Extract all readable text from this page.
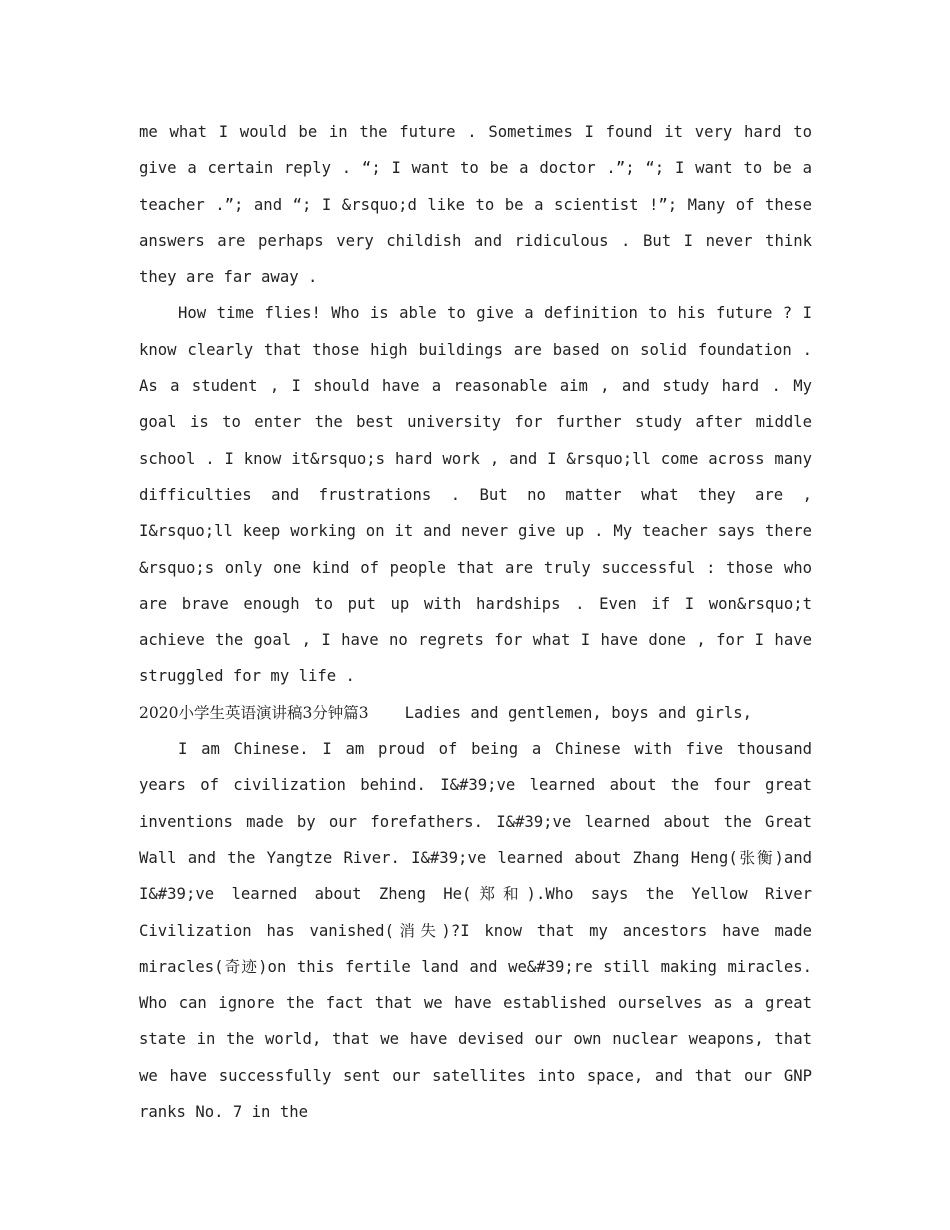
me what I would be in the future . Sometimes I found it very hard to give a certain reply . “; I want to be a doctor .”; “; I want to be a teacher .”; and “; I &rsquo;d like to be a scientist !”; Many of these answers are perhaps very childish and ridiculous . But I never think they are far away .

How time flies! Who is able to give a definition to his future ? I know clearly that those high buildings are based on solid foundation . As a student , I should have a reasonable aim , and study hard . My goal is to enter the best university for further study after middle school . I know it&rsquo;s hard work , and I &rsquo;ll come across many difficulties and frustrations . But no matter what they are , I&rsquo;ll keep working on it and never give up . My teacher says there &rsquo;s only one kind of people that are truly successful : those who are brave enough to put up with hardships . Even if I won&rsquo;t achieve the goal , I have no regrets for what I have done , for I have struggled for my life .

2020小学生英语演讲稿3分钟篇3 Ladies and gentlemen, boys and girls,

I am Chinese. I am proud of being a Chinese with five thousand years of civilization behind. I&#39;ve learned about the four great inventions made by our forefathers. I&#39;ve learned about the Great Wall and the Yangtze River. I&#39;ve learned about Zhang Heng(张衡)and I&#39;ve learned about Zheng He(郑和).Who says the Yellow River Civilization has vanished(消失)?I know that my ancestors have made miracles(奇迹)on this fertile land and we&#39;re still making miracles. Who can ignore the fact that we have established ourselves as a great state in the world, that we have devised our own nuclear weapons, that we have successfully sent our satellites into space, and that our GNP ranks No. 7 in the
